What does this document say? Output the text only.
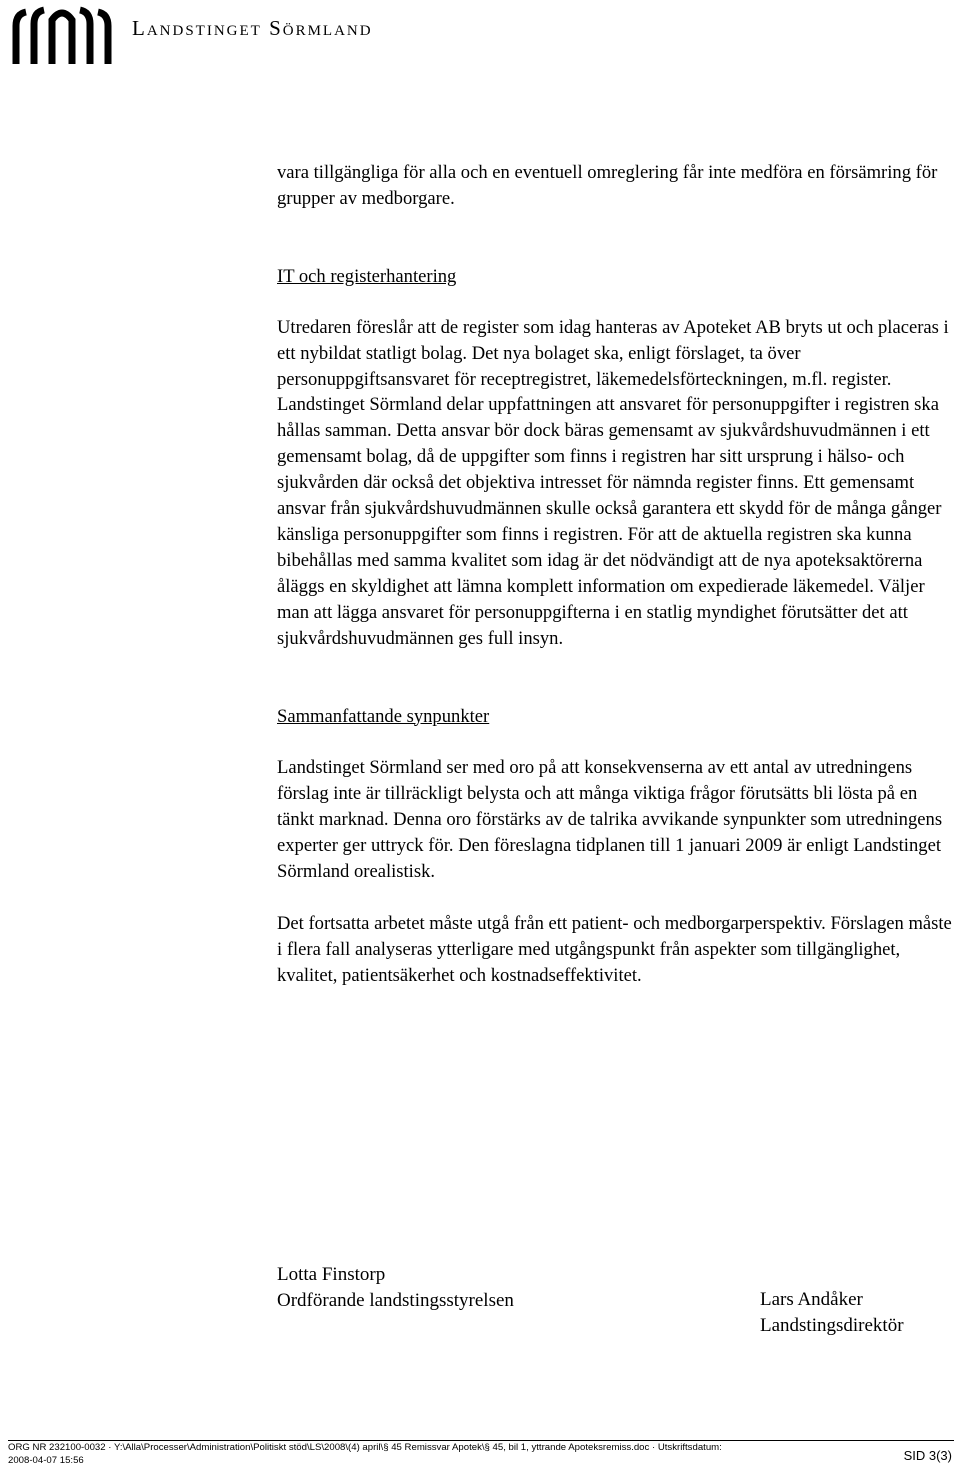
Landstinget Sörmland

vara tillgängliga för alla och en eventuell omreglering får inte medföra en försämring för grupper av medborgare.

IT och registerhantering

Utredaren föreslår att de register som idag hanteras av Apoteket AB bryts ut och placeras i ett nybildat statligt bolag. Det nya bolaget ska, enligt förslaget, ta över personuppgiftsansvaret för receptregistret, läkemedelsförteckningen, m.fl. register. Landstinget Sörmland delar uppfattningen att ansvaret för personuppgifter i registren ska hållas samman. Detta ansvar bör dock bäras gemensamt av sjukvårdshuvudmännen i ett gemensamt bolag, då de uppgifter som finns i registren har sitt ursprung i hälso- och sjukvården där också det objektiva intresset för nämnda register finns. Ett gemensamt ansvar från sjukvårdshuvudmännen skulle också garantera ett skydd för de många gånger känsliga personuppgifter som finns i registren. För att de aktuella registren ska kunna bibehållas med samma kvalitet som idag är det nödvändigt att de nya apoteksaktörerna åläggs en skyldighet att lämna komplett information om expedierade läkemedel. Väljer man att lägga ansvaret för personuppgifterna i en statlig myndighet förutsätter det att sjukvårdshuvudmännen ges full insyn.

Sammanfattande synpunkter

Landstinget Sörmland ser med oro på att konsekvenserna av ett antal av utredningens förslag inte är tillräckligt belysta och att många viktiga frågor förutsätts bli lösta på en tänkt marknad. Denna oro förstärks av de talrika avvikande synpunkter som utredningens experter ger uttryck för. Den föreslagna tidplanen till 1 januari 2009 är enligt Landstinget Sörmland orealistisk.

Det fortsatta arbetet måste utgå från ett patient- och medborgarperspektiv. Förslagen måste i flera fall analyseras ytterligare med utgångspunkt från aspekter som tillgänglighet, kvalitet, patientsäkerhet och kostnadseffektivitet.

Lotta Finstorp
Ordförande landstingsstyrelsen	Lars Andåker
Landstingsdirektör
ORG NR 232100-0032 · Y:\Alla\Processer\Administration\Politiskt stöd\LS\2008\(4) april\§ 45 Remissvar Apotek\§ 45, bil 1, yttrande Apoteksremiss.doc · Utskriftsdatum:
2008-04-07 15:56	SID 3(3)
